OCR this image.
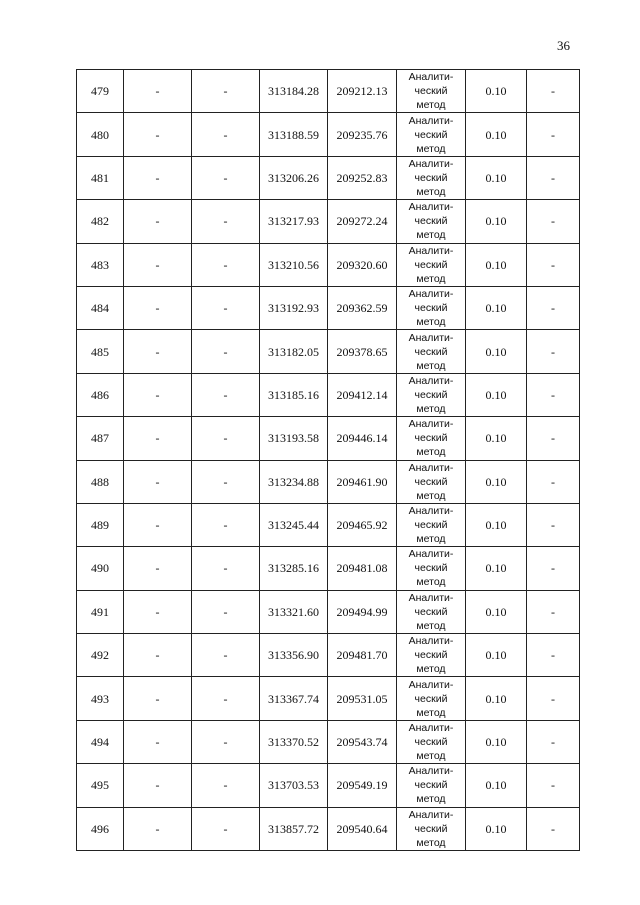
36
479	-	-	313184.28	209212.13	Аналити-
ческий
метод	0.10	-
480	-	-	313188.59	209235.76	Аналити-
ческий
метод	0.10	-
481	-	-	313206.26	209252.83	Аналити-
ческий
метод	0.10	-
482	-	-	313217.93	209272.24	Аналити-
ческий
метод	0.10	-
483	-	-	313210.56	209320.60	Аналити-
ческий
метод	0.10	-
484	-	-	313192.93	209362.59	Аналити-
ческий
метод	0.10	-
485	-	-	313182.05	209378.65	Аналити-
ческий
метод	0.10	-
486	-	-	313185.16	209412.14	Аналити-
ческий
метод	0.10	-
487	-	-	313193.58	209446.14	Аналити-
ческий
метод	0.10	-
488	-	-	313234.88	209461.90	Аналити-
ческий
метод	0.10	-
489	-	-	313245.44	209465.92	Аналити-
ческий
метод	0.10	-
490	-	-	313285.16	209481.08	Аналити-
ческий
метод	0.10	-
491	-	-	313321.60	209494.99	Аналити-
ческий
метод	0.10	-
492	-	-	313356.90	209481.70	Аналити-
ческий
метод	0.10	-
493	-	-	313367.74	209531.05	Аналити-
ческий
метод	0.10	-
494	-	-	313370.52	209543.74	Аналити-
ческий
метод	0.10	-
495	-	-	313703.53	209549.19	Аналити-
ческий
метод	0.10	-
496	-	-	313857.72	209540.64	Аналити-
ческий
метод	0.10	-
